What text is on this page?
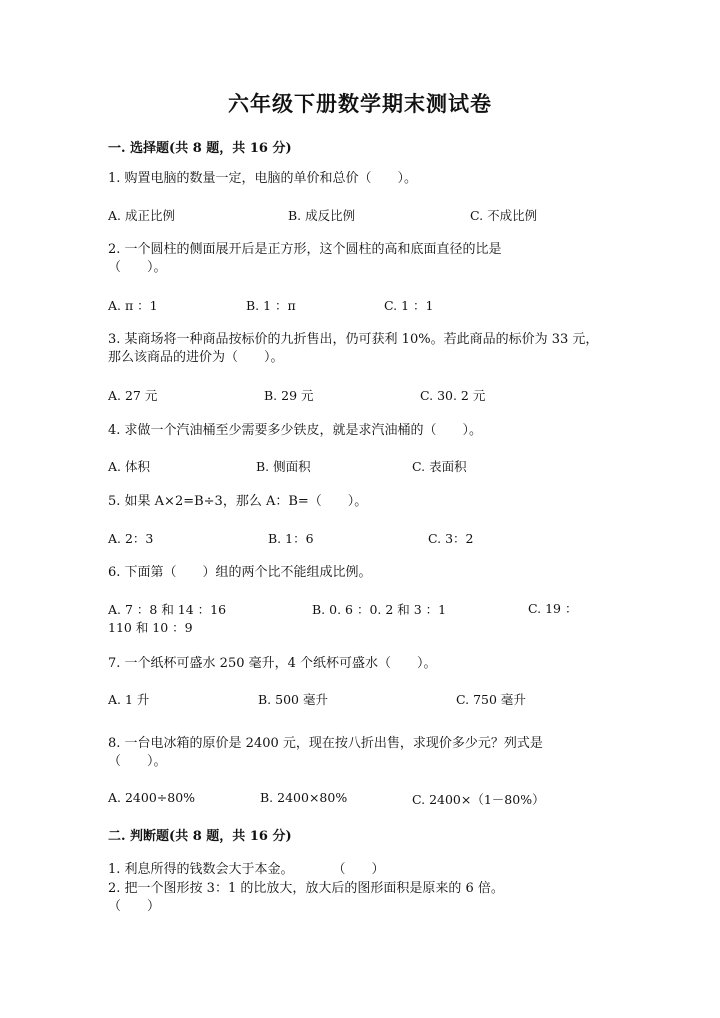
六年级下册数学期末测试卷
一. 选择题(共 8 题，共 16 分)
1. 购置电脑的数量一定，电脑的单价和总价（　　）。
A. 成正比例	B. 成反比例	C. 不成比例
2. 一个圆柱的侧面展开后是正方形，这个圆柱的高和底面直径的比是（　　）。
A. π ：1	B. 1 ：π	C. 1 ：1
3. 某商场将一种商品按标价的九折售出，仍可获利 10%。若此商品的标价为 33 元，那么该商品的进价为（　　）。
A. 27 元	B. 29 元	C. 30. 2 元
4. 求做一个汽油桶至少需要多少铁皮，就是求汽油桶的（　　）。
A. 体积	B. 侧面积	C. 表面积
5. 如果 A×2=B÷3，那么 A：B=（　　）。
A. 2：3	B. 1：6	C. 3：2
6. 下面第（　　）组的两个比不能组成比例。
A. 7 ：8 和 14 ：16	B. 0. 6 ：0. 2 和 3 ：1	C. 19 ：110 和 10 ：9
7. 一个纸杯可盛水 250 毫升，4 个纸杯可盛水（　　）。
A. 1 升	B. 500 毫升	C. 750 毫升
8. 一台电冰箱的原价是 2400 元，现在按八折出售，求现价多少元？列式是（　　）。
A. 2400÷80%	B. 2400×80%	C. 2400×（1－80%）
二. 判断题(共 8 题，共 16 分)
1. 利息所得的钱数会大于本金。　　　　（　　）
2. 把一个图形按 3：1 的比放大，放大后的图形面积是原来的 6 倍。（　　）
